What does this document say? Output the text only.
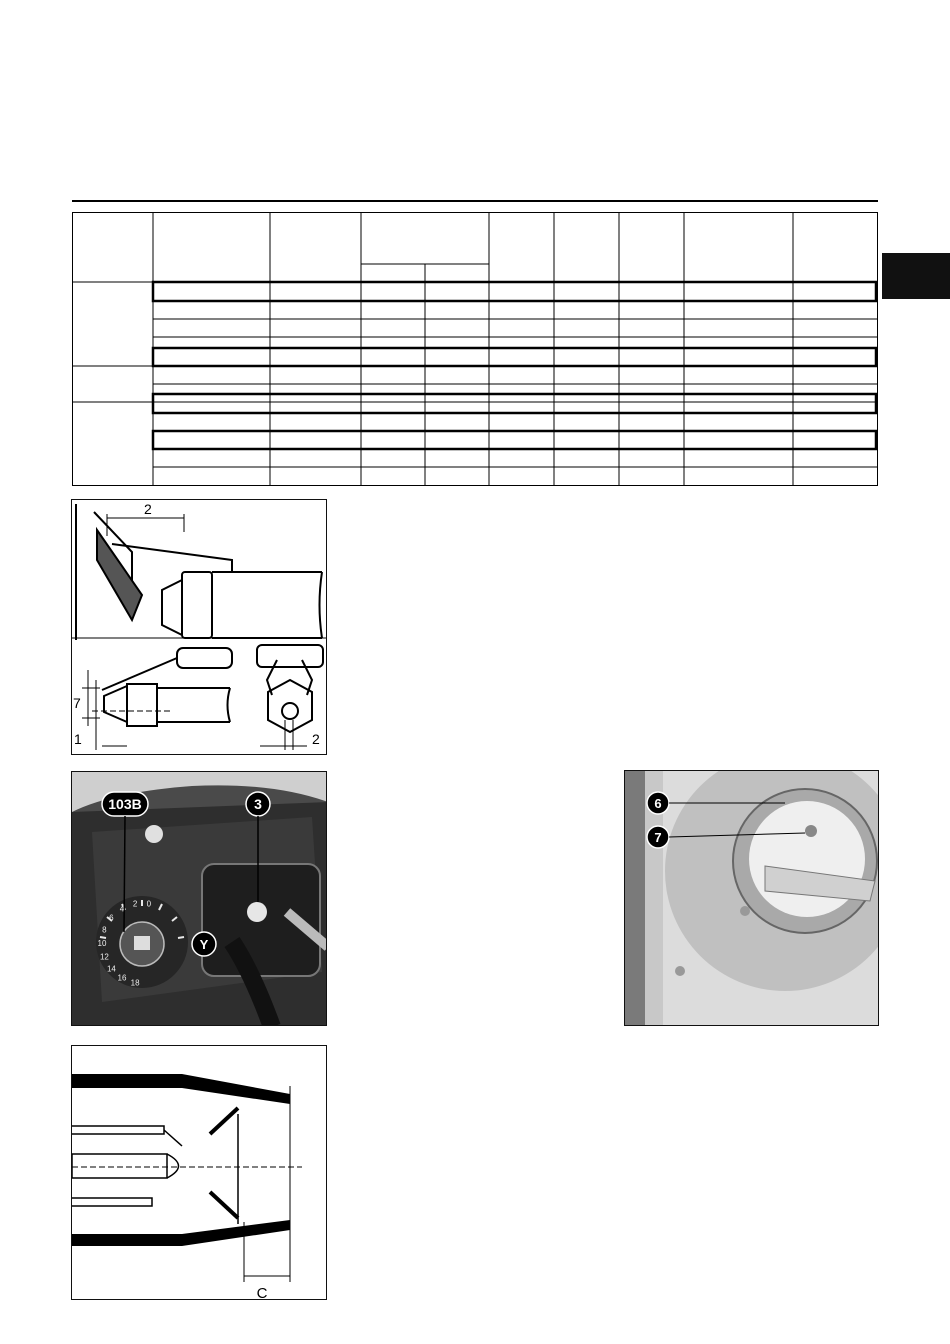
2
7
1	2
103B	3
Y
0
2
4
6
8
10
12
14
16
18
6
7
C
